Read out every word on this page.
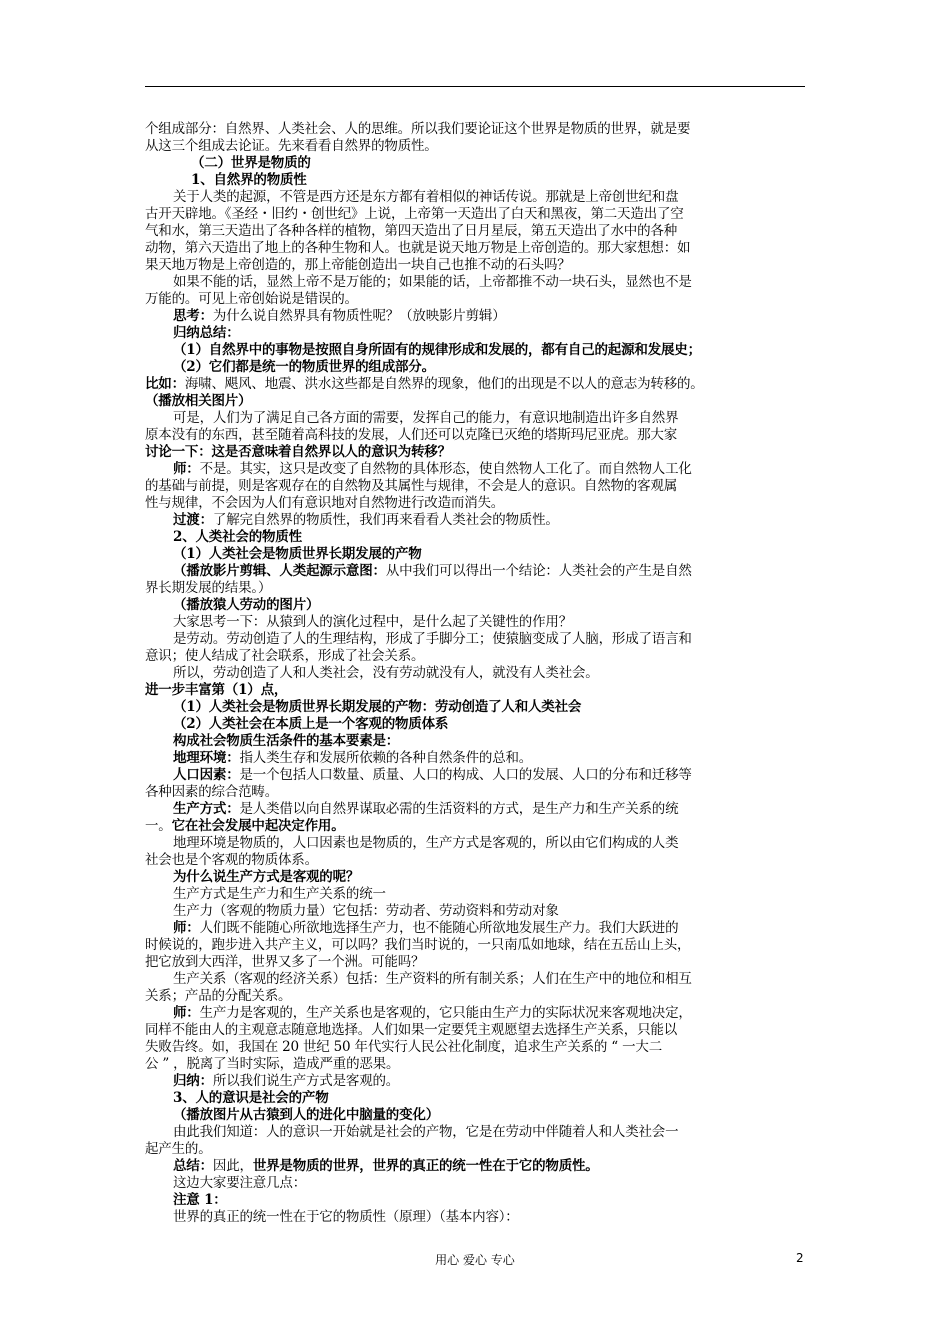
个组成部分：自然界、人类社会、人的思维。所以我们要论证这个世界是物质的世界，就是要
从这三个组成去论证。先来看看自然界的物质性。
（二）世界是物质的
1、自然界的物质性
关于人类的起源，不管是西方还是东方都有着相似的神话传说。那就是上帝创世纪和盘
古开天辟地。《圣经・旧约・创世纪》上说，上帝第一天造出了白天和黑夜，第二天造出了空
气和水，第三天造出了各种各样的植物，第四天造出了日月星辰，第五天造出了水中的各种
动物，第六天造出了地上的各种生物和人。也就是说天地万物是上帝创造的。那大家想想：如
果天地万物是上帝创造的，那上帝能创造出一块自己也推不动的石头吗？
如果不能的话，显然上帝不是万能的；如果能的话，上帝都推不动一块石头，显然也不是
万能的。可见上帝创始说是错误的。
思考：为什么说自然界具有物质性呢？（放映影片剪辑）
归纳总结：
（1）自然界中的事物是按照自身所固有的规律形成和发展的，都有自己的起源和发展史；
（2）它们都是统一的物质世界的组成部分。
比如：海啸、飓风、地震、洪水这些都是自然界的现象，他们的出现是不以人的意志为转移的。
（播放相关图片）
可是，人们为了满足自己各方面的需要，发挥自己的能力，有意识地制造出许多自然界
原本没有的东西，甚至随着高科技的发展，人们还可以克隆已灭绝的塔斯玛尼亚虎。那大家
讨论一下：这是否意味着自然界以人的意识为转移？
师：不是。其实，这只是改变了自然物的具体形态，使自然物人工化了。而自然物人工化
的基础与前提，则是客观存在的自然物及其属性与规律，不会是人的意识。自然物的客观属
性与规律，不会因为人们有意识地对自然物进行改造而消失。
过渡：了解完自然界的物质性，我们再来看看人类社会的物质性。
2、人类社会的物质性
（1）人类社会是物质世界长期发展的产物
（播放影片剪辑、人类起源示意图：从中我们可以得出一个结论：人类社会的产生是自然
界长期发展的结果。）
（播放猿人劳动的图片）
大家思考一下：从猿到人的演化过程中，是什么起了关键性的作用？
是劳动。劳动创造了人的生理结构，形成了手脚分工；使猿脑变成了人脑，形成了语言和
意识；使人结成了社会联系，形成了社会关系。
所以，劳动创造了人和人类社会，没有劳动就没有人，就没有人类社会。
进一步丰富第（1）点，
（1）人类社会是物质世界长期发展的产物：劳动创造了人和人类社会
（2）人类社会在本质上是一个客观的物质体系
构成社会物质生活条件的基本要素是：
地理环境：指人类生存和发展所依赖的各种自然条件的总和。
人口因素：是一个包括人口数量、质量、人口的构成、人口的发展、人口的分布和迁移等
各种因素的综合范畴。
生产方式：是人类借以向自然界谋取必需的生活资料的方式，是生产力和生产关系的统
一。它在社会发展中起决定作用。
地理环境是物质的，人口因素也是物质的，生产方式是客观的，所以由它们构成的人类
社会也是个客观的物质体系。
为什么说生产方式是客观的呢？
生产方式是生产力和生产关系的统一
生产力（客观的物质力量）它包括：劳动者、劳动资料和劳动对象
师：人们既不能随心所欲地选择生产力，也不能随心所欲地发展生产力。我们大跃进的
时候说的，跑步进入共产主义，可以吗？我们当时说的，一只南瓜如地球，结在五岳山上头，
把它放到大西洋，世界又多了一个洲。可能吗？
生产关系（客观的经济关系）包括：生产资料的所有制关系；人们在生产中的地位和相互
关系；产品的分配关系。
师：生产力是客观的，生产关系也是客观的，它只能由生产力的实际状况来客观地决定，
同样不能由人的主观意志随意地选择。人们如果一定要凭主观愿望去选择生产关系，只能以
失败告终。如，我国在 20 世纪 50 年代实行人民公社化制度，追求生产关系的 “ 一大二
公 ” ，脱离了当时实际，造成严重的恶果。
归纳：所以我们说生产方式是客观的。
3、人的意识是社会的产物
（播放图片从古猿到人的进化中脑量的变化）
由此我们知道：人的意识一开始就是社会的产物，它是在劳动中伴随着人和人类社会一
起产生的。
总结：因此，世界是物质的世界，世界的真正的统一性在于它的物质性。
这边大家要注意几点：
注意 1：
世界的真正的统一性在于它的物质性（原理）（基本内容）：
用心 爱心 专心	2
